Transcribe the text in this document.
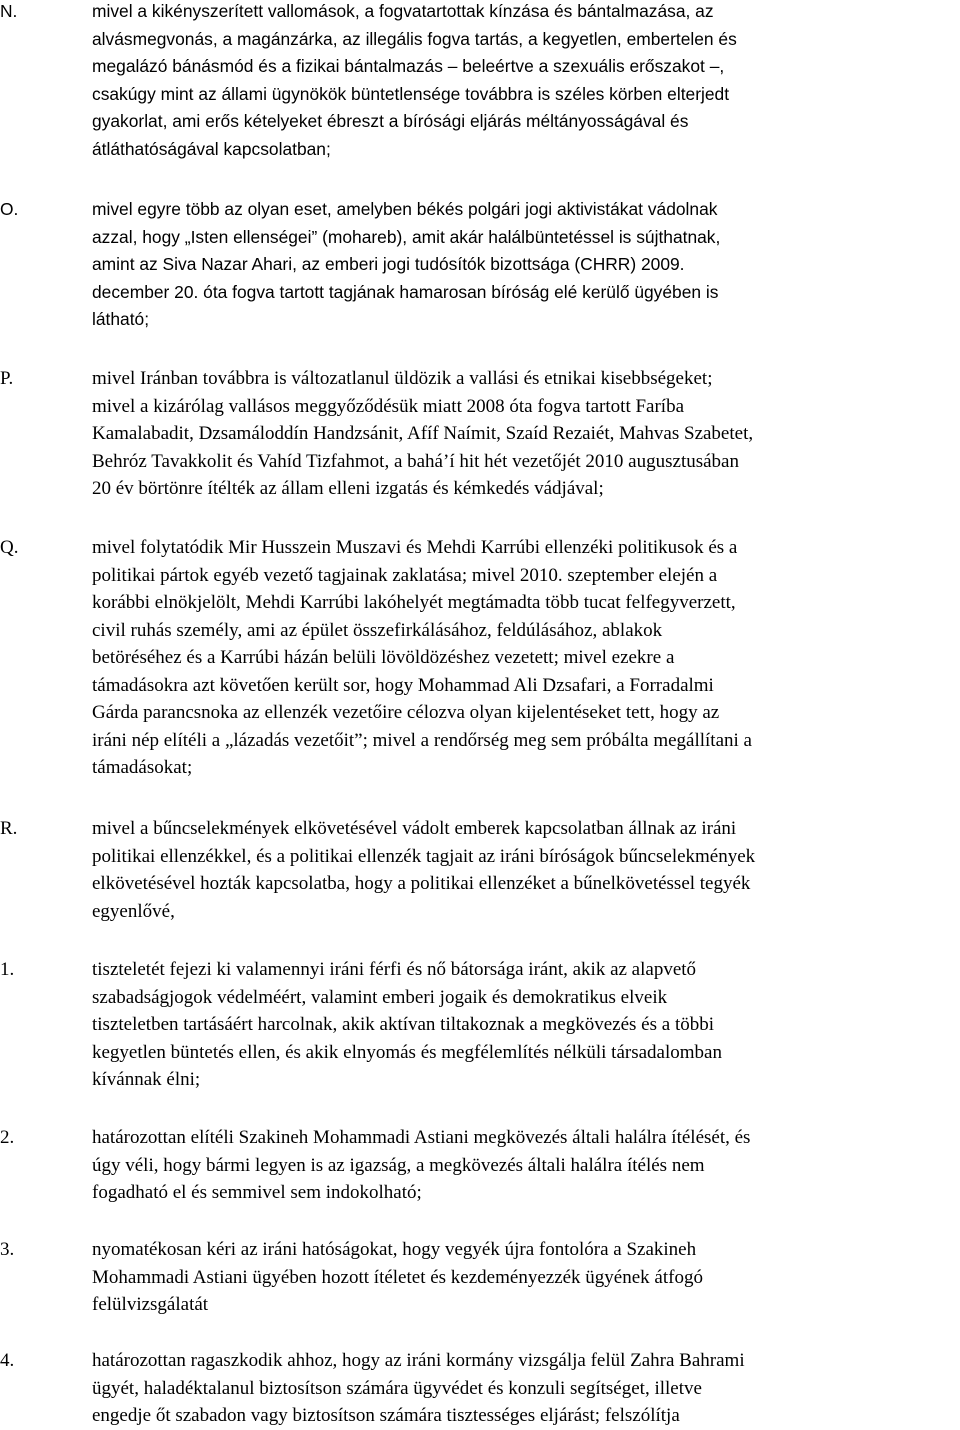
N.	mivel a kikényszerített vallomások, a fogvatartottak kínzása és bántalmazása, az
alvásmegvonás, a magánzárka, az illegális fogva tartás, a kegyetlen, embertelen és
megalázó bánásmód és a fizikai bántalmazás – beleértve a szexuális erőszakot –,
csakúgy mint az állami ügynökök büntetlensége továbbra is széles körben elterjedt
gyakorlat, ami erős kételyeket ébreszt a bírósági eljárás méltányosságával és
átláthatóságával kapcsolatban;
O.	mivel egyre több az olyan eset, amelyben békés polgári jogi aktivistákat vádolnak
azzal, hogy „Isten ellenségei” (mohareb), amit akár halálbüntetéssel is sújthatnak,
amint az Siva Nazar Ahari, az emberi jogi tudósítók bizottsága (CHRR) 2009.
december 20. óta fogva tartott tagjának hamarosan bíróság elé kerülő ügyében is
látható;
P.	mivel Iránban továbbra is változatlanul üldözik a vallási és etnikai kisebbségeket;
mivel a kizárólag vallásos meggyőződésük miatt 2008 óta fogva tartott Faríba
Kamalabadit, Dzsamáloddín Handzsánit, Afíf Naímit, Szaíd Rezaiét, Mahvas Szabetet,
Behróz Tavakkolit és Vahíd Tizfahmot, a bahá’í hit hét vezetőjét 2010 augusztusában
20 év börtönre ítélték az állam elleni izgatás és kémkedés vádjával;
Q.	mivel folytatódik Mir Husszein Muszavi és Mehdi Karrúbi ellenzéki politikusok és a
politikai pártok egyéb vezető tagjainak zaklatása; mivel 2010. szeptember elején a
korábbi elnökjelölt, Mehdi Karrúbi lakóhelyét megtámadta több tucat felfegyverzett,
civil ruhás személy, ami az épület összefirkálásához, feldúlásához, ablakok
betöréséhez és a Karrúbi házán belüli lövöldözéshez vezetett; mivel ezekre a
támadásokra azt követően került sor, hogy Mohammad Ali Dzsafari, a Forradalmi
Gárda parancsnoka az ellenzék vezetőire célozva olyan kijelentéseket tett, hogy az
iráni nép elítéli a „lázadás vezetőit”; mivel a rendőrség meg sem próbálta megállítani a
támadásokat;
R.	mivel a bűncselekmények elkövetésével vádolt emberek kapcsolatban állnak az iráni
politikai ellenzékkel, és a politikai ellenzék tagjait az iráni bíróságok bűncselekmények
elkövetésével hozták kapcsolatba, hogy a politikai ellenzéket a bűnelkövetéssel tegyék
egyenlővé,
1.	tiszteletét fejezi ki valamennyi iráni férfi és nő bátorsága iránt, akik az alapvető
szabadságjogok védelméért, valamint emberi jogaik és demokratikus elveik
tiszteletben tartásáért harcolnak, akik aktívan tiltakoznak a megkövezés és a többi
kegyetlen büntetés ellen, és akik elnyomás és megfélemlítés nélküli társadalomban
kívánnak élni;
2.	határozottan elítéli Szakineh Mohammadi Astiani megkövezés általi halálra ítélését, és
úgy véli, hogy bármi legyen is az igazság, a megkövezés általi halálra ítélés nem
fogadható el és semmivel sem indokolható;
3.	nyomatékosan kéri az iráni hatóságokat, hogy vegyék újra fontolóra a Szakineh
Mohammadi Astiani ügyében hozott ítéletet és kezdeményezzék ügyének átfogó
felülvizsgálatát
4.	határozottan ragaszkodik ahhoz, hogy az iráni kormány vizsgálja felül Zahra Bahrami
ügyét, haladéktalanul biztosítson számára ügyvédet és konzuli segítséget, illetve
engedje őt szabadon vagy biztosítson számára tisztességes eljárást; felszólítja
